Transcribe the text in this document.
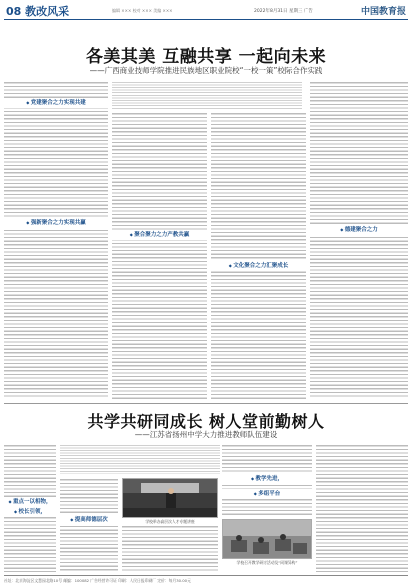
08 教改风采	编辑 ××× 校对 ××× 美编 ×××	2022年8月31日 星期三 广告	中国教育报
各美其美 互融共享 一起向未来
——广西商业技师学院推进民族地区职业院校“一校一策”校际合作实践
◆ 党建聚合之力实现共建
◆ 强新聚合之力实现共赢
◆ 聚合聚力之力产教共赢
◆ 文化聚合之力汇聚成长
◆ 德建聚合之力
共学共研同成长 树人堂前勤树人
——江苏省扬州中学大力推进教师队伍建设
◆ 重点一以相物，
◆ 校长引领，
◆ 提高师德层次	学校举办高层次人才专题讲座
学校召开教学研讨活动及“同课异构”
◆ 教学先进，
◆ 多组平台
社址：北京海淀区文慧园北路10号 邮编：100082 广告经营许可证 印刷：人民日报印刷厂 定价：每月30.00元
